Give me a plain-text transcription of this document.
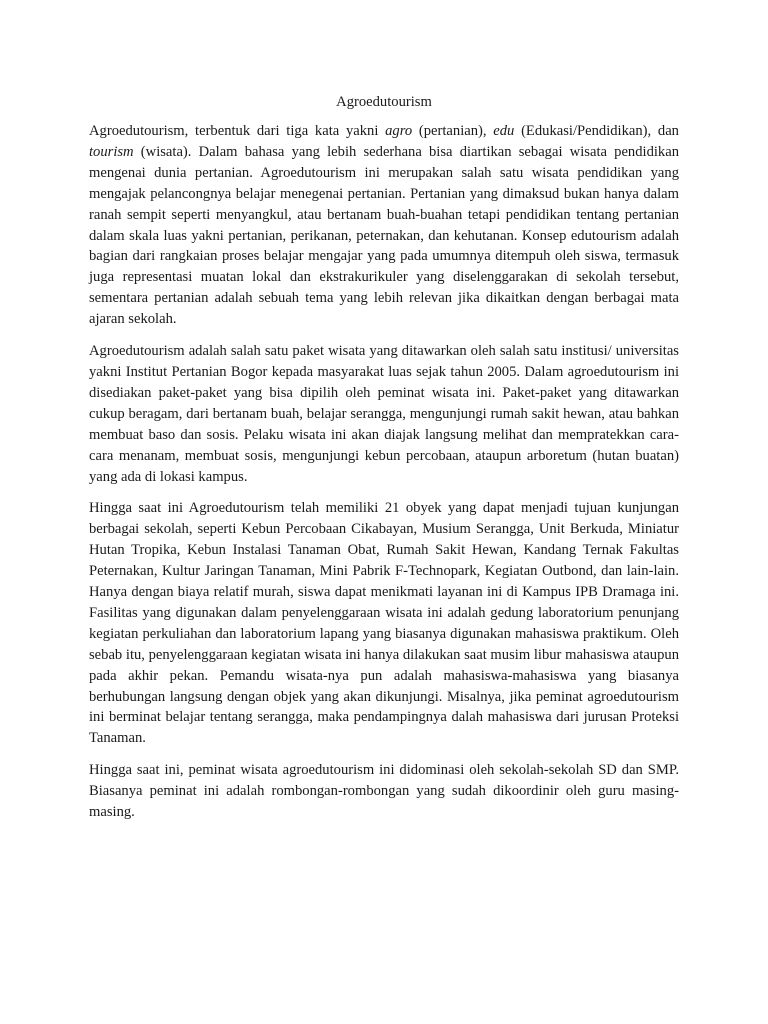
Agroedutourism

Agroedutourism, terbentuk dari tiga kata yakni agro (pertanian), edu (Edukasi/Pendidikan), dan tourism (wisata). Dalam bahasa yang lebih sederhana bisa diartikan sebagai wisata pendidikan mengenai dunia pertanian. Agroedutourism ini merupakan salah satu wisata pendidikan yang mengajak pelancongnya belajar menegenai pertanian. Pertanian yang dimaksud bukan hanya dalam ranah sempit seperti menyangkul, atau bertanam buah-buahan tetapi pendidikan tentang pertanian dalam skala luas yakni pertanian, perikanan, peternakan, dan kehutanan. Konsep edutourism adalah bagian dari rangkaian proses belajar mengajar yang pada umumnya ditempuh oleh siswa, termasuk juga representasi muatan lokal dan ekstrakurikuler yang diselenggarakan di sekolah tersebut, sementara pertanian adalah sebuah tema yang lebih relevan jika dikaitkan dengan berbagai mata ajaran sekolah.

Agroedutourism adalah salah satu paket wisata yang ditawarkan oleh salah satu institusi/ universitas yakni Institut Pertanian Bogor kepada masyarakat luas sejak tahun 2005. Dalam agroedutourism ini disediakan paket-paket yang bisa dipilih oleh peminat wisata ini. Paket-paket yang ditawarkan cukup beragam, dari bertanam buah, belajar serangga, mengunjungi rumah sakit hewan, atau bahkan membuat baso dan sosis. Pelaku wisata ini akan diajak langsung melihat dan mempratekkan cara-cara menanam, membuat sosis, mengunjungi kebun percobaan, ataupun arboretum (hutan buatan) yang ada di lokasi kampus.

Hingga saat ini Agroedutourism telah memiliki 21 obyek yang dapat menjadi tujuan kunjungan berbagai sekolah, seperti Kebun Percobaan Cikabayan, Musium Serangga, Unit Berkuda, Miniatur Hutan Tropika, Kebun Instalasi Tanaman Obat, Rumah Sakit Hewan, Kandang Ternak Fakultas Peternakan, Kultur Jaringan Tanaman, Mini Pabrik F-Technopark, Kegiatan Outbond, dan lain-lain. Hanya dengan biaya relatif murah, siswa dapat menikmati layanan ini di Kampus IPB Dramaga ini. Fasilitas yang digunakan dalam penyelenggaraan wisata ini adalah gedung laboratorium penunjang kegiatan perkuliahan dan laboratorium lapang yang biasanya digunakan mahasiswa praktikum. Oleh sebab itu, penyelenggaraan kegiatan wisata ini hanya dilakukan saat musim libur mahasiswa ataupun pada akhir pekan. Pemandu wisata-nya pun adalah mahasiswa-mahasiswa yang biasanya berhubungan langsung dengan objek yang akan dikunjungi. Misalnya, jika peminat agroedutourism ini berminat belajar tentang serangga, maka pendampingnya dalah mahasiswa dari jurusan Proteksi Tanaman.

Hingga saat ini, peminat wisata agroedutourism ini didominasi oleh sekolah-sekolah SD dan SMP. Biasanya peminat ini adalah rombongan-rombongan yang sudah dikoordinir oleh guru masing-masing.
